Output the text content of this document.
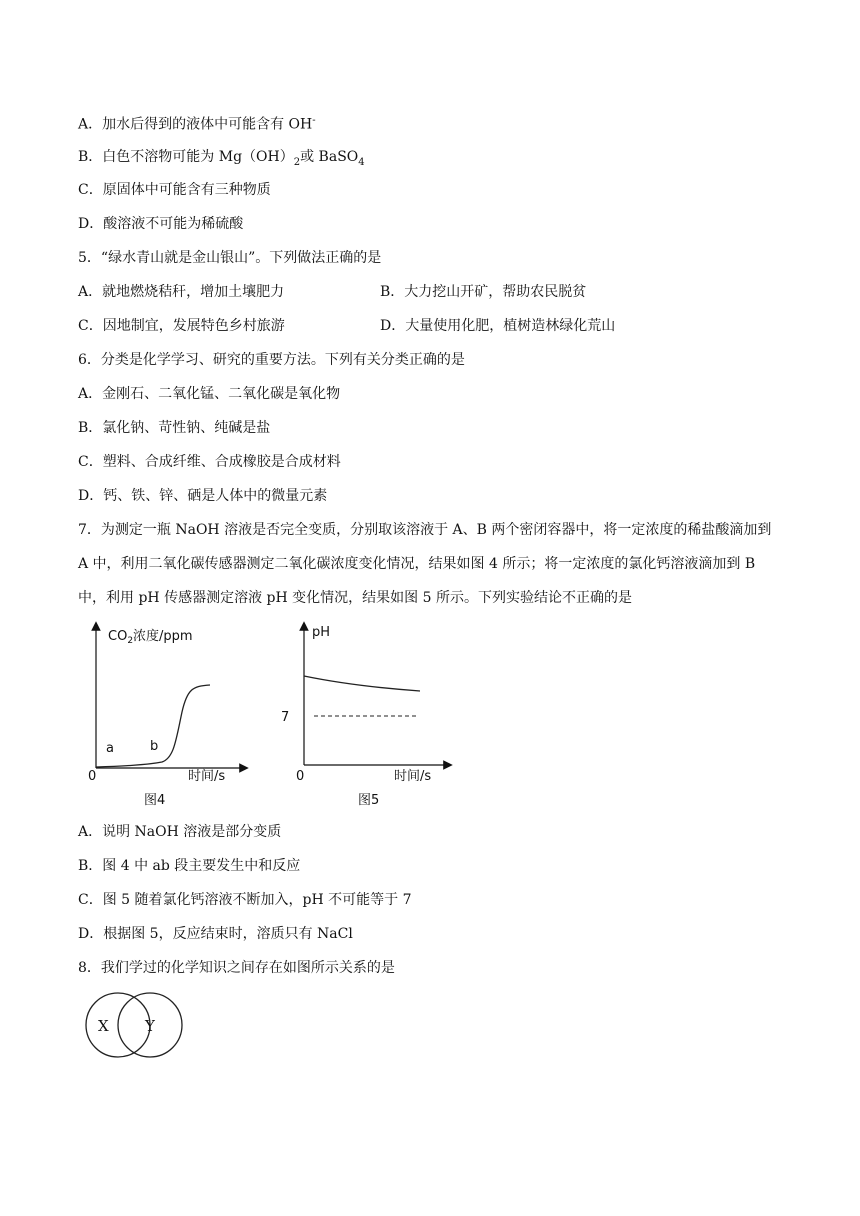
A．加水后得到的液体中可能含有 OH-
B．白色不溶物可能为 $Mg(OH)_2$或 BaSO$_4$
C．原固体中可能含有三种物质
D．酸溶液不可能为稀硫酸
5．“绿水青山就是金山银山”。下列做法正确的是
A．就地燃烧秸秆，增加土壤肥力	B．大力挖山开矿，帮助农民脱贫
C．因地制宜，发展特色乡村旅游	D．大量使用化肥，植树造林绿化荒山
6．分类是化学学习、研究的重要方法。下列有关分类正确的是
A．金刚石、二氧化锰、二氧化碳是氧化物
B．氯化钠、苛性钠、纯碱是盐
C．塑料、合成纤维、合成橡胶是合成材料
D．钙、铁、锌、硒是人体中的微量元素
7．为测定一瓶 NaOH 溶液是否完全变质，分别取该溶液于 A、B 两个密闭容器中，将一定浓度的稀盐酸滴加到 A 中，利用二氧化碳传感器测定二氧化碳浓度变化情况，结果如图 4 所示；将一定浓度的氯化钙溶液滴加到 B 中，利用 pH 传感器测定溶液 pH 变化情况，结果如图 5 所示。下列实验结论不正确的是
$CO_2$浓度/ppm
a	b
0	时间/s
图4
pH
7
0	时间/s
图5
A．说明 NaOH 溶液是部分变质
B．图 4 中 ab 段主要发生中和反应
C．图 5 随着氯化钙溶液不断加入，pH 不可能等于 7
D．根据图 5，反应结束时，溶质只有 NaCl
8．我们学过的化学知识之间存在如图所示关系的是
X Y
